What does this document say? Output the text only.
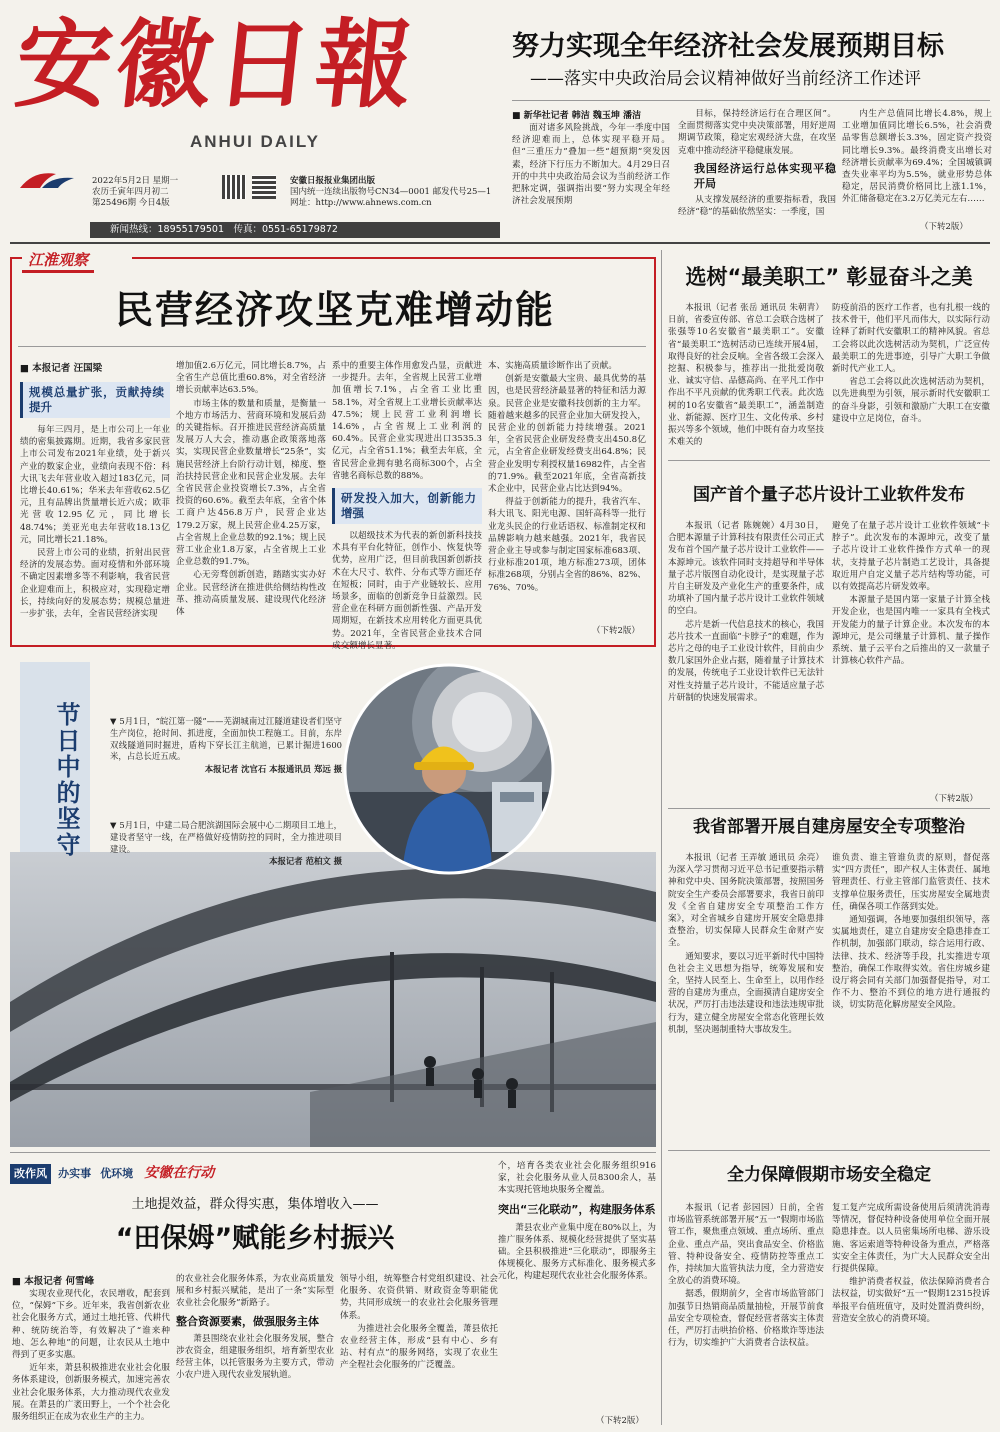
安徽日報
ANHUI DAILY
2022年5月2日 星期一
农历壬寅年四月初二
第25496期 今日4版
安徽日报报业集团出版
国内统一连续出版物号CN34—0001 邮发代号25—1
网址：http://www.ahnews.com.cn
新闻热线：18955179501　传真：0551-65179872
努力实现全年经济社会发展预期目标
——落实中央政治局会议精神做好当前经济工作述评
■ 新华社记者 韩洁 魏玉坤 潘洁

面对诸多风险挑战，今年一季度中国经济迎难而上，总体实现平稳开局。但“三重压力”叠加一些“超预期”突发因素，经济下行压力不断加大。4月29日召开的中共中央政治局会议为当前经济工作把脉定调，强调指出要“努力实现全年经济社会发展预期

目标，保持经济运行在合理区间”。全面贯彻落实党中央决策部署，用好逆周期调节政策，稳定宏观经济大盘，在攻坚克难中推动经济平稳健康发展。

我国经济运行总体实现平稳开局

从支撑发展经济的重要指标看，我国经济“稳”的基础依然坚实：一季度，国

内生产总值同比增长4.8%，规上工业增加值同比增长6.5%，社会消费品零售总额增长3.3%，固定资产投资同比增长9.3%。最终消费支出增长对经济增长贡献率为69.4%；全国城镇调查失业率平均为5.5%，就业形势总体稳定，居民消费价格同比上涨1.1%，外汇储备稳定在3.2万亿美元左右……

（下转2版）
江淮观察
民营经济攻坚克难增动能
■ 本报记者 汪国梁
规模总量扩张，贡献持续提升

每年三四月，是上市公司上一年业绩的密集披露期。近期，我省多家民营上市公司发布2021年业绩，处于新兴产业的数家企业，业绩向表现不俗：科大讯飞去年营业收入超过183亿元，同比增长40.61%；华米去年营收62.5亿元，且有品牌出货量增长近六成；欧菲光营收12.95亿元，同比增长48.74%；美亚光电去年营收18.13亿元，同比增长21.18%。

民营上市公司的业绩，折射出民营经济的发展态势。面对疫情和外部环境不确定因素增多等不利影响，我省民营企业迎难而上，积极应对，实现稳定增长，持续向好的发展态势；规模总量进一步扩张，去年，全省民营经济实现

增加值2.6万亿元，同比增长8.7%，占全省生产总值比重60.8%，对全省经济增长贡献率达63.5%。

市场主体的数量和质量，是衡量一个地方市场活力、营商环境和发展后劲的关键指标。召开推进民营经济高质量发展万人大会，推动惠企政策落地落实，实现民营企业数量增长“25条”，实施民营经济上台阶行动计划，梯度、整治扶持民营企业和民营企业发展。去年全省民营企业投资增长7.3%，占全省投资的60.6%。截至去年底，全省个体工商户达456.8万户，民营企业达179.2万家，规上民营企业4.25万家，占全省规上企业总数的92.1%；规上民营工业企业1.8万家，占全省规上工业企业总数的91.7%。

心无旁骛创新创造，踏踏实实办好企业。民营经济在推进供给侧结构性改革、推动高质量发展、建设现代化经济体

系中的重要主体作用愈发凸显，贡献进一步提升。去年，全省规上民营工业增加值增长7.1%，占全省工业比重58.1%，对全省规上工业增长贡献率达47.5%；规上民营工业利润增长14.6%，占全省规上工业利润的60.4%。民营企业实现进出口3535.3亿元，占全省51.1%；截至去年底，全省民营企业拥有驰名商标300个，占全省驰名商标总数的88%。

研发投入加大，创新能力增强

以超级技术为代表的新创新科技技术具有平台化特征，创作小、恢复快等优势，应用广泛，但目前我国新创新技术在大尺寸、软件、分布式等方面还存在短板；同时，由于产业链较长、应用场景多，面临的创新竞争日益激烈。民营企业在科研方面创新性强、产品开发周期短，在新技术应用转化方面更具优势。2021年，全省民营企业技术合同成交额增长显著。

本、实施高质量诊断作出了贡献。

创新是安徽最大宝贵、最具优势的基因，也是民营经济最显著的特征和活力源泉。民营企业是安徽科技创新的主力军。随着越来越多的民营企业加大研发投入，民营企业的创新能力持续增强。2021年，全省民营企业研发经费支出450.8亿元，占全省企业研发经费支出64.8%；民营企业发明专利授权量16982件，占全省的71.9%。截至2021年底，全省高新技术企业中，民营企业占比达到94%。

得益于创新能力的提升，我省汽车、科大讯飞、阳光电源、国轩高科等一批行业龙头民企的行业话语权、标准制定权和品牌影响力越来越强。2021年，我省民营企业主导或参与制定国家标准683项、行业标准201项，地方标准273项，团体标准268项，分别占全省的86%、82%、76%、70%。

（下转2版）
节日中的坚守	▼ 5月1日，“皖江第一隧”——芜湖城南过江隧道建设者们坚守生产岗位，抢时间、抓进度，全面加快工程施工。目前，东岸双线隧道同时掘进，盾构下穿长江主航道，已累计掘进1600米，占总长近五成。

本报记者 沈官石 本报通讯员 郑远 摄

▼ 5月1日，中建二局合肥滨湖国际会展中心二期项目工地上，建设者坚守一线，在严格做好疫情防控的同时，全力推进项目建设。

本报记者 范柏文 摄
选树“最美职工” 彰显奋斗之美

本报讯（记者 张岳 通讯员 朱朝青）日前，省委宣传部、省总工会联合选树了张强等10名安徽省“最美职工”。安徽省“最美职工”选树活动已连续开展4届，取得良好的社会反响。全省各级工会深入挖掘、积极参与，推荐出一批批爱岗敬业、诚实守信、品德高尚、在平凡工作中作出不平凡贡献的优秀职工代表。此次选树的10名安徽省“最美职工”，涵盖制造业、新能源、医疗卫生、文化传承、乡村振兴等多个领域，他们中既有奋力攻坚技术难关的

防疫前沿的医疗工作者，也有扎根一线的技术骨干，他们平凡而伟大，以实际行动诠释了新时代安徽职工的精神风貌。省总工会将以此次选树活动为契机，广泛宣传最美职工的先进事迹，引导广大职工争做新时代产业工人。

省总工会将以此次选树活动为契机，以先进典型为引领，展示新时代安徽职工的奋斗身影，引领和激励广大职工在安徽建设中立足岗位，奋斗。

国产首个量子芯片设计工业软件发布

本报讯（记者 陈婉婉）4月30日，合肥本源量子计算科技有限责任公司正式发布首个国产量子芯片设计工业软件——本源坤元。该软件同时支持超导和半导体量子芯片版图自动化设计，是实现量子芯片自主研发及产业化生产的重要条件，成功填补了国内量子芯片设计工业软件领域的空白。

芯片是新一代信息技术的核心，我国芯片技术一直面临“卡脖子”的难题，作为芯片之母的电子工业设计软件，目前由少数几家国外企业占据，随着量子计算技术的发展，传统电子工业设计软件已无法针对性支持量子芯片设计，不能适应量子芯片研制的快速发展需求。

避免了在量子芯片设计工业软件领域“卡脖子”。此次发布的本源坤元，改变了量子芯片设计工业软件操作方式单一的现状，支持量子芯片制造工艺设计，具备提取近用户自定义量子芯片结构等功能，可以有效提高芯片研发效率。

本源量子是国内第一家量子计算全栈开发企业，也是国内唯一一家具有全栈式开发能力的量子计算企业。本次发布的本源坤元，是公司继量子计算机、量子操作系统、量子云平台之后推出的又一款量子计算核心软件产品。

（下转2版）
我省部署开展自建房屋安全专项整治

本报讯（记者 王弄敏 通讯员 余亮）为深入学习贯彻习近平总书记重要指示精神和党中央、国务院决策部署，按照国务院安全生产委员会部署要求，我省日前印发《全省自建房安全专项整治工作方案》，对全省城乡自建房开展安全隐患排查整治，切实保障人民群众生命财产安全。

通知要求，要以习近平新时代中国特色社会主义思想为指导，统筹发展和安全，坚持人民至上、生命至上，以用作经营的自建房为重点，全面摸清自建房安全状况，严厉打击违法建设和违法违规审批行为，建立健全房屋安全常态化管理长效机制，坚决遏制重特大事故发生。

谁负责、谁主管谁负责的原则，督促落实“四方责任”，即产权人主体责任、属地管理责任、行业主管部门监管责任、技术支撑单位服务责任，压实房屋安全属地责任，确保各项工作落到实处。

通知强调，各地要加强组织领导，落实属地责任，建立自建房安全隐患排查工作机制，加强部门联动，综合运用行政、法律、技术、经济等手段，扎实推进专项整治，确保工作取得实效。省住房城乡建设厅将会同有关部门加强督促指导，对工作不力、整治不到位的地方进行通报约谈，切实防范化解房屋安全风险。

全力保障假期市场安全稳定

本报讯（记者 彭园园）日前，全省市场监管系统部署开展“五一”假期市场监管工作，聚焦重点领域、重点场所、重点企业、重点产品，突出食品安全、价格监管、特种设备安全、疫情防控等重点工作，持续加大监管执法力度，全力营造安全放心的消费环境。

据悉，假期前夕，全省市场监管部门加强节日热销商品质量抽检，开展节前食品安全专项检查，督促经营者落实主体责任，严厉打击哄抬价格、价格欺诈等违法行为，切实维护广大消费者合法权益。

复工复产完成所需设备使用后须清洗消毒等情况，督促特种设备使用单位全面开展隐患排查。以人员密集场所电梯、游乐设施、客运索道等特种设备为重点，严格落实安全主体责任，为广大人民群众安全出行提供保障。

维护消费者权益，依法保障消费者合法权益，切实做好“五一”假期12315投诉举报平台值班值守，及时处置消费纠纷，营造安全放心的消费环境。

改作风 办实事 优环境 安徽在行动
土地提效益，群众得实惠，集体增收入——
“田保姆”赋能乡村振兴
■ 本报记者 何雪峰

实现农业现代化，农民增收，配套到位，“保姆”下乡。近年来，我省创新农业社会化服务方式，通过土地托管、代耕代种、统防统治等，有效解决了“谁来种地、怎么种地”的问题，让农民从土地中得到了更多实惠。

近年来，萧县积极推进农业社会化服务体系建设，创新服务模式，加速完善农业社会化服务体系，大力推动现代农业发展。在萧县的广袤田野上，一个个社会化服务组织正在成为农业生产的主力。

的农业社会化服务体系，为农业高质量发展和乡村振兴赋能，是出了一条“实际型农业社会化服务”新路子。

整合资源要素，做强服务主体

萧县围绕农业社会化服务发展，整合涉农资金，组建服务组织，培育新型农业经营主体，以托管服务为主要方式，带动小农户进入现代农业发展轨道。

领导小组，统筹整合村党组织建设、社会化服务、农资供销、财政资金等职能优势，共同形成统一的农业社会化服务管理体系。

为推进社会化服务全覆盖，萧县依托农业经营主体，形成“县有中心、乡有站、村有点”的服务网络，实现了农业生产全程社会化服务的广泛覆盖。

个，培育各类农业社会化服务组织916家，社会化服务从业人员8300余人，基本实现托管地块服务全覆盖。

突出“三化联动”，构建服务体系

萧县农业产业集中度在80%以上，为推广服务体系、规模化经营提供了坚实基础。全县积极推进“三化联动”，即服务主体规模化、服务方式标准化、服务模式多元化，构建起现代农业社会化服务体系。

（下转2版）
